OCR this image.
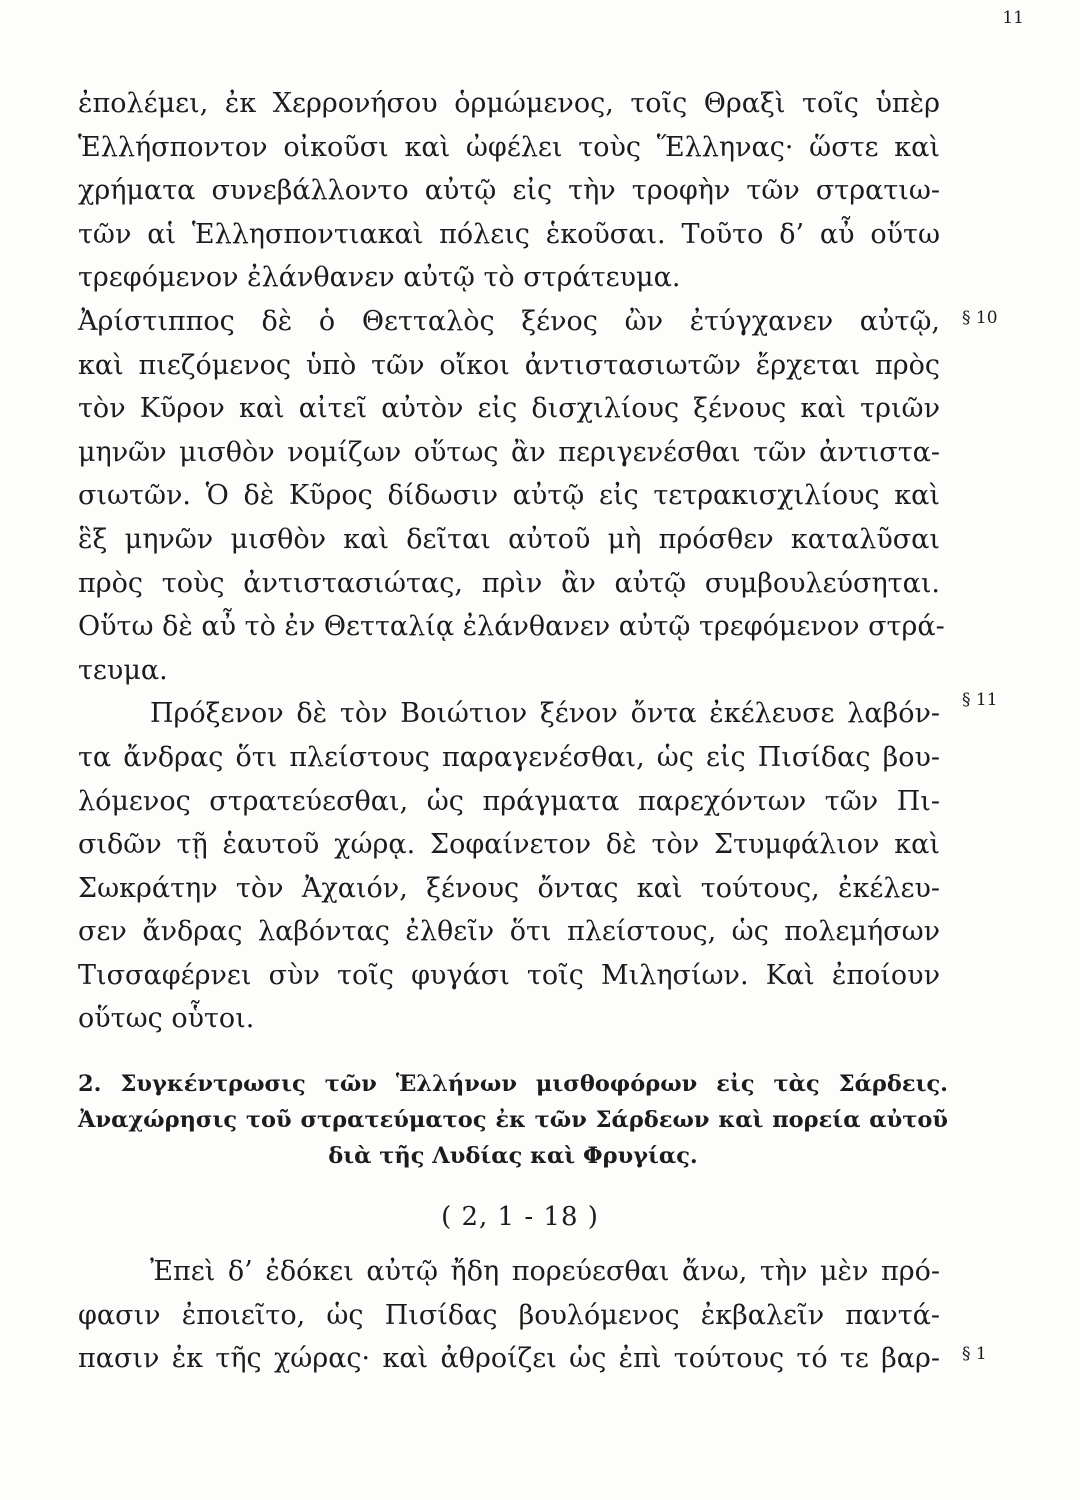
11
ἐπολέμει, ἐκ Χερρονήσου ὁρμώμενος, τοῖς Θραξὶ τοῖς ὑπὲρ
Ἑλλήσποντον οἰκοῦσι καὶ ὠφέλει τοὺς Ἕλληνας· ὥστε καὶ
χρήματα συνεβάλλοντο αὐτῷ εἰς τὴν τροφὴν τῶν στρατιω-
τῶν αἱ Ἑλλησποντιακαὶ πόλεις ἑκοῦσαι. Τοῦτο δ’ αὖ οὕτω
τρεφόμενον ἐλάνθανεν αὐτῷ τὸ στράτευμα.
Ἀρίστιππος δὲ ὁ Θετταλὸς ξένος ὢν ἐτύγχανεν αὐτῷ,
καὶ πιεζόμενος ὑπὸ τῶν οἴκοι ἀντιστασιωτῶν ἔρχεται πρὸς
τὸν Κῦρον καὶ αἰτεῖ αὐτὸν εἰς δισχιλίους ξένους καὶ τριῶν
μηνῶν μισθὸν νομίζων οὕτως ἂν περιγενέσθαι τῶν ἀντιστα-
σιωτῶν. Ὁ δὲ Κῦρος δίδωσιν αὐτῷ εἰς τετρακισχιλίους καὶ
ἓξ μηνῶν μισθὸν καὶ δεῖται αὐτοῦ μὴ πρόσθεν καταλῦσαι
πρὸς τοὺς ἀντιστασιώτας, πρὶν ἂν αὐτῷ συμβουλεύσηται.
Οὕτω δὲ αὖ τὸ ἐν Θετταλίᾳ ἐλάνθανεν αὐτῷ τρεφόμενον στρά-
τευμα.
Πρόξενον δὲ τὸν Βοιώτιον ξένον ὄντα ἐκέλευσε λαβόν-
τα ἄνδρας ὅτι πλείστους παραγενέσθαι, ὡς εἰς Πισίδας βου-
λόμενος στρατεύεσθαι, ὡς πράγματα παρεχόντων τῶν Πι-
σιδῶν τῇ ἑαυτοῦ χώρᾳ. Σοφαίνετον δὲ τὸν Στυμφάλιον καὶ
Σωκράτην τὸν Ἀχαιόν, ξένους ὄντας καὶ τούτους, ἐκέλευ-
σεν ἄνδρας λαβόντας ἐλθεῖν ὅτι πλείστους, ὡς πολεμήσων
Τισσαφέρνει σὺν τοῖς φυγάσι τοῖς Μιλησίων. Καὶ ἐποίουν
οὕτως οὗτοι.
§ 10
§ 11
§ 1
2. Συγκέντρωσις τῶν Ἑλλήνων μισθοφόρων εἰς τὰς Σάρδεις.
Ἀναχώρησις τοῦ στρατεύματος ἐκ τῶν Σάρδεων καὶ πορεία αὐτοῦ
διὰ τῆς Λυδίας καὶ Φρυγίας.
( 2, 1 - 18 )
Ἐπεὶ δ’ ἐδόκει αὐτῷ ἤδη πορεύεσθαι ἄνω, τὴν μὲν πρό-
φασιν ἐποιεῖτο, ὡς Πισίδας βουλόμενος ἐκβαλεῖν παντά-
πασιν ἐκ τῆς χώρας· καὶ ἀθροίζει ὡς ἐπὶ τούτους τό τε βαρ-
